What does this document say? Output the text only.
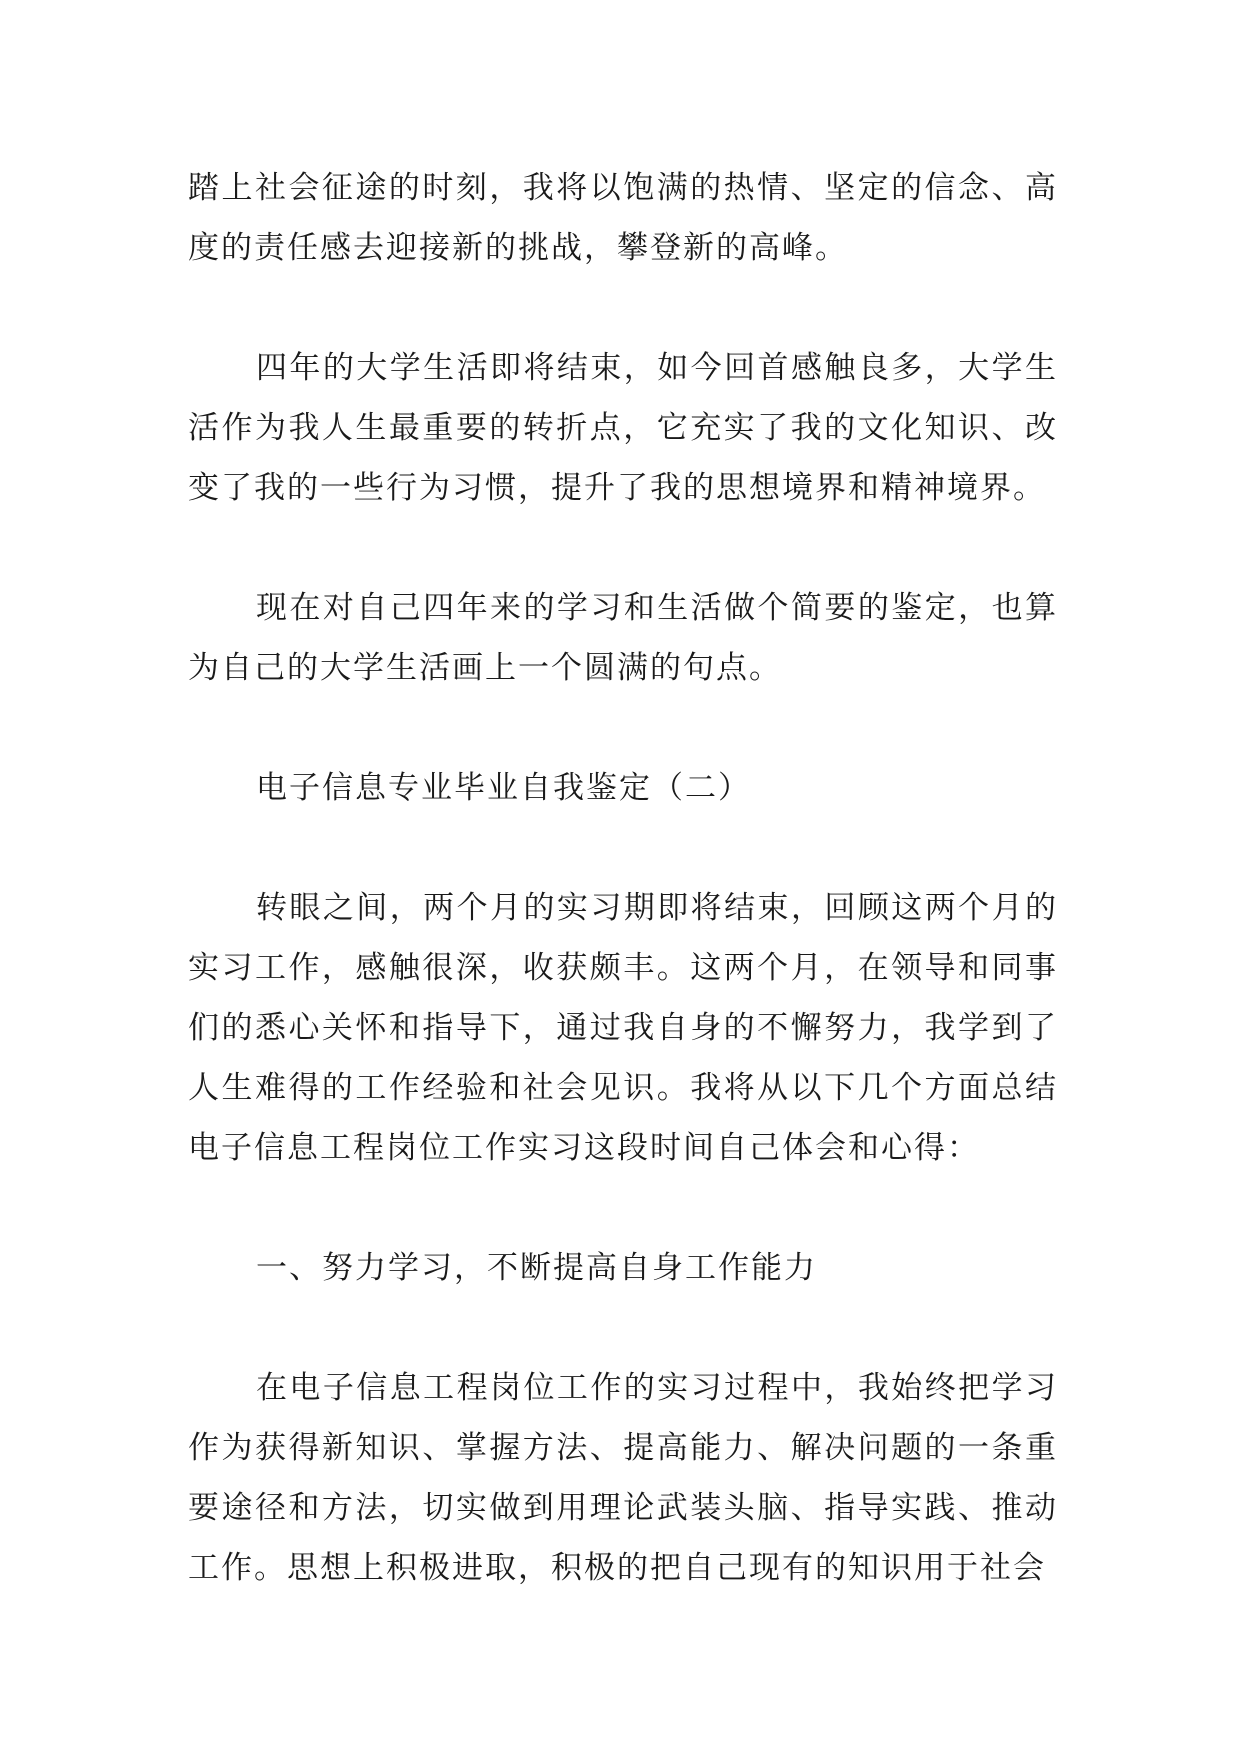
踏上社会征途的时刻，我将以饱满的热情、坚定的信念、高度的责任感去迎接新的挑战，攀登新的高峰。

四年的大学生活即将结束，如今回首感触良多，大学生活作为我人生最重要的转折点，它充实了我的文化知识、改变了我的一些行为习惯，提升了我的思想境界和精神境界。

现在对自己四年来的学习和生活做个简要的鉴定，也算为自己的大学生活画上一个圆满的句点。

电子信息专业毕业自我鉴定（二）

转眼之间，两个月的实习期即将结束，回顾这两个月的实习工作，感触很深，收获颇丰。这两个月，在领导和同事们的悉心关怀和指导下，通过我自身的不懈努力，我学到了人生难得的工作经验和社会见识。我将从以下几个方面总结电子信息工程岗位工作实习这段时间自己体会和心得：

一、努力学习，不断提高自身工作能力

在电子信息工程岗位工作的实习过程中，我始终把学习作为获得新知识、掌握方法、提高能力、解决问题的一条重要途径和方法，切实做到用理论武装头脑、指导实践、推动工作。思想上积极进取，积极的把自己现有的知识用于社会
